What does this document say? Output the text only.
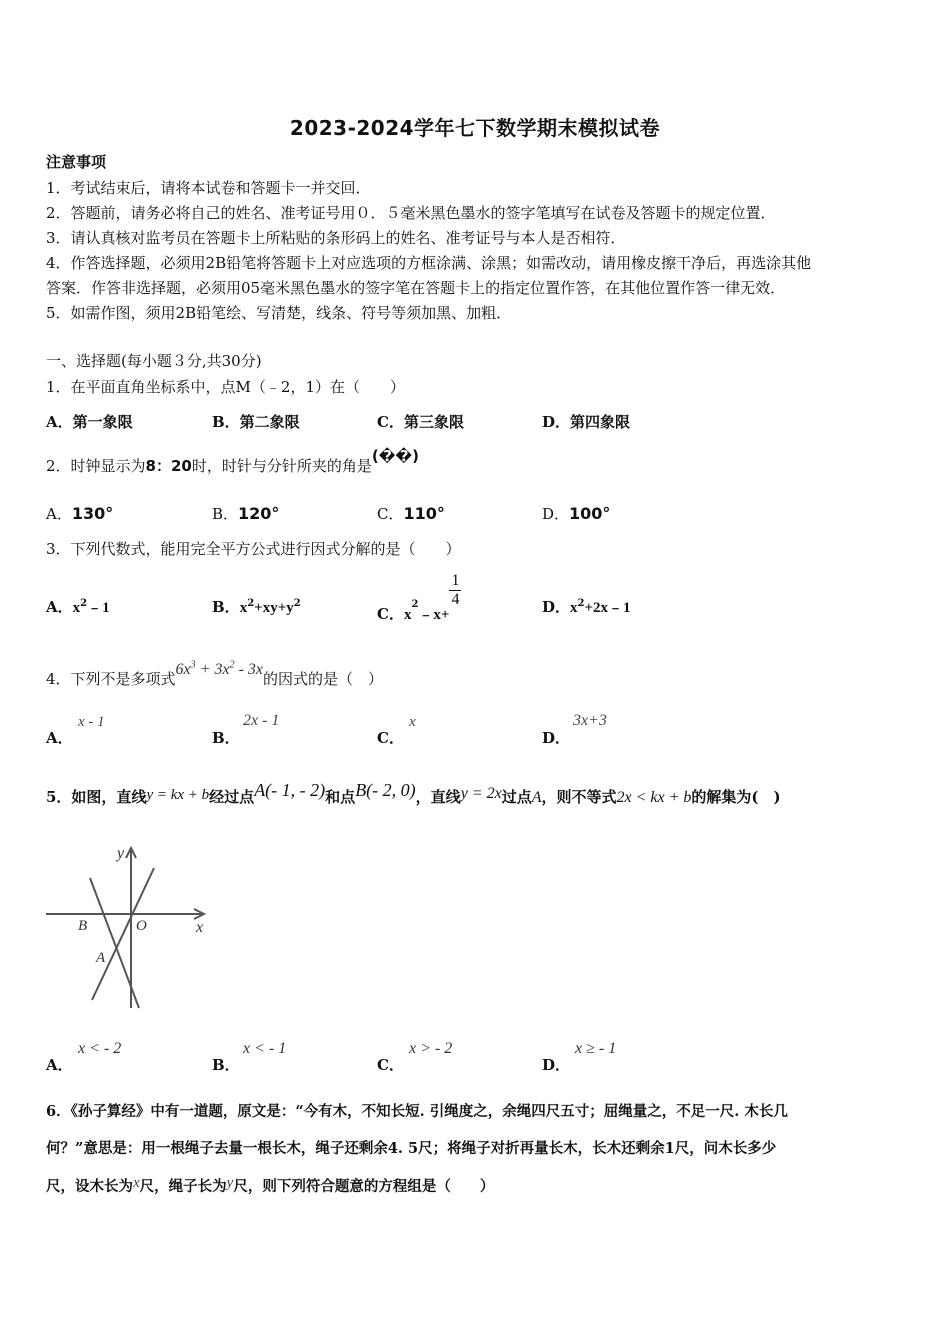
2023-2024学年七下数学期末模拟试卷
注意事项
1．考试结束后，请将本试卷和答题卡一并交回．
2．答题前，请务必将自己的姓名、准考证号用０．５毫米黑色墨水的签字笔填写在试卷及答题卡的规定位置．
3．请认真核对监考员在答题卡上所粘贴的条形码上的姓名、准考证号与本人是否相符．
4．作答选择题，必须用2B铅笔将答题卡上对应选项的方框涂满、涂黑；如需改动，请用橡皮擦干净后，再选涂其他
答案．作答非选择题，必须用05毫米黑色墨水的签字笔在答题卡上的指定位置作答，在其他位置作答一律无效．
5．如需作图，须用2B铅笔绘、写清楚，线条、符号等须加黑、加粗．
一、选择题(每小题３分,共30分)
1．在平面直角坐标系中，点M（﹣2，1）在（　　）
A．第一象限	B．第二象限	C．第三象限	D．第四象限
2．时钟显示为8：20时，时针与分针所夹的角是(��)
A．130°	B．120°	C．110°	D．100°
3．下列代数式，能用完全平方公式进行因式分解的是（　　）
A．$x^2﹣1$	B．$x^2+xy+y^2$
C．$x^2﹣x+$
$\frac{1}{4}$	D．$x^2+2x﹣1$
4．下列不是多项式$6x^3 + 3x^2 - 3x$的因式的是（　）
A．
x - 1
B．
2x - 1
C．
x
D．
3x+3
5．如图，直线y = kx + b经过点A(- 1, - 2)和点B(- 2, 0)，直线y = 2x过点A，则不等式2x < kx + b的解集为(　)
y
x
O
B
A
A．
x < - 2
B．
x < - 1
C．
x > - 2
D．
x ≥ - 1
6．《孙子算经》中有一道题，原文是：“今有木，不知长短. 引绳度之，余绳四尺五寸；屈绳量之，不足一尺. 木长几
何？”意思是：用一根绳子去量一根长木，绳子还剩余4. 5尺；将绳子对折再量长木，长木还剩余1尺，问木长多少
尺，设木长为x尺，绳子长为y尺，则下列符合题意的方程组是（　　）
